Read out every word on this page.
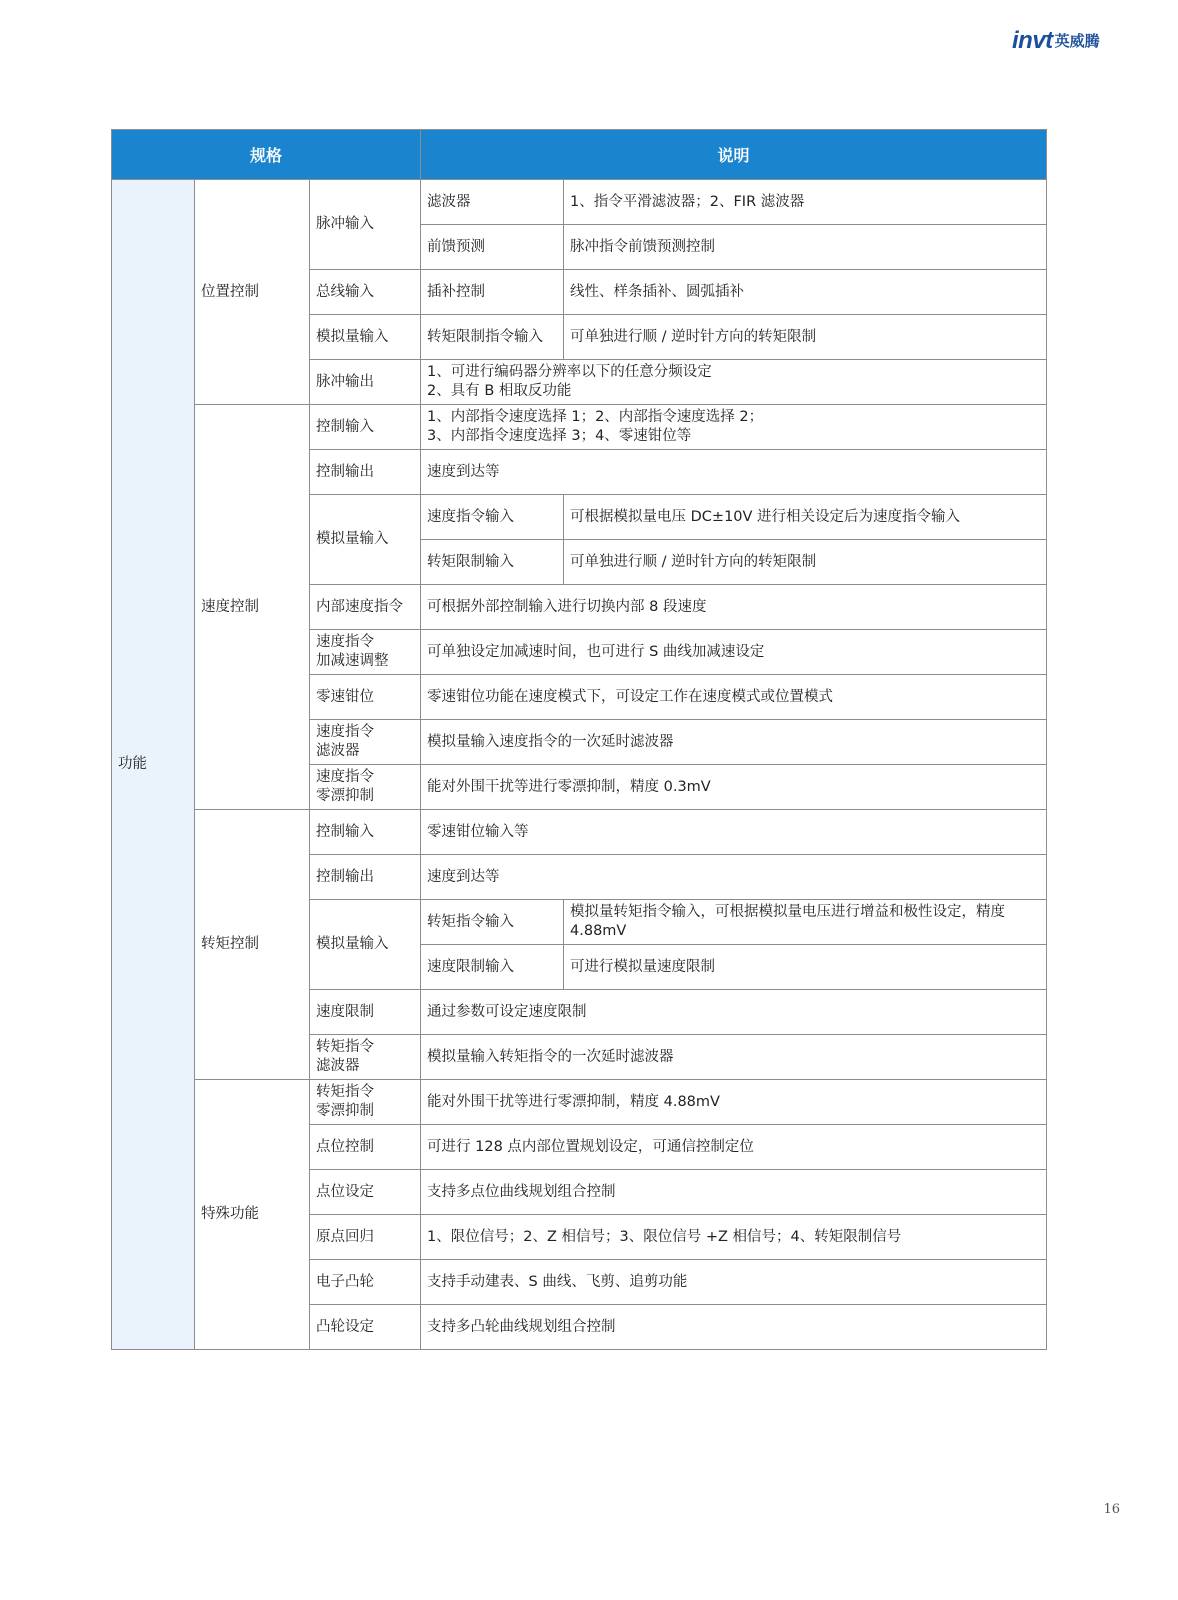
invt 英威腾
规格			说明	
功能	位置控制	脉冲输入	滤波器	1、指令平滑滤波器；2、FIR 滤波器
			前馈预测	脉冲指令前馈预测控制
		总线输入	插补控制	线性、样条插补、圆弧插补
		模拟量输入	转矩限制指令输入	可单独进行顺 / 逆时针方向的转矩限制
		脉冲输出	1、可进行编码器分辨率以下的任意分频设定
2、具有 B 相取反功能	

	速度控制	控制输入	1、内部指令速度选择 1；2、内部指令速度选择 2；
3、内部指令速度选择 3；4、零速钳位等	

		控制输出	速度到达等	
		模拟量输入	速度指令输入	可根据模拟量电压 DC±10V 进行相关设定后为速度指令输入
			转矩限制输入	可单独进行顺 / 逆时针方向的转矩限制
		内部速度指令	可根据外部控制输入进行切换内部 8 段速度	

		速度指令
加减速调整	可单独设定加减速时间，也可进行 S 曲线加减速设定	
		零速钳位	零速钳位功能在速度模式下，可设定工作在速度模式或位置模式	

		速度指令
滤波器	模拟量输入速度指令的一次延时滤波器	

		速度指令
零漂抑制	能对外围干扰等进行零漂抑制，精度 0.3mV	
	转矩控制	控制输入	零速钳位输入等	
		控制输出	速度到达等	
		模拟量输入	转矩指令输入	模拟量转矩指令输入，可根据模拟量电压进行增益和极性设定，精度
4.88mV

			速度限制输入	可进行模拟量速度限制
		速度限制	通过参数可设定速度限制	

		转矩指令
滤波器	模拟量输入转矩指令的一次延时滤波器	
	特殊功能	转矩指令
零漂抑制	能对外围干扰等进行零漂抑制，精度 4.88mV	
		点位控制	可进行 128 点内部位置规划设定，可通信控制定位	
		点位设定	支持多点位曲线规划组合控制	
		原点回归	1、限位信号；2、Z 相信号；3、限位信号 +Z 相信号；4、转矩限制信号	
		电子凸轮	支持手动建表、S 曲线、飞剪、追剪功能	
		凸轮设定	支持多凸轮曲线规划组合控制	
16
